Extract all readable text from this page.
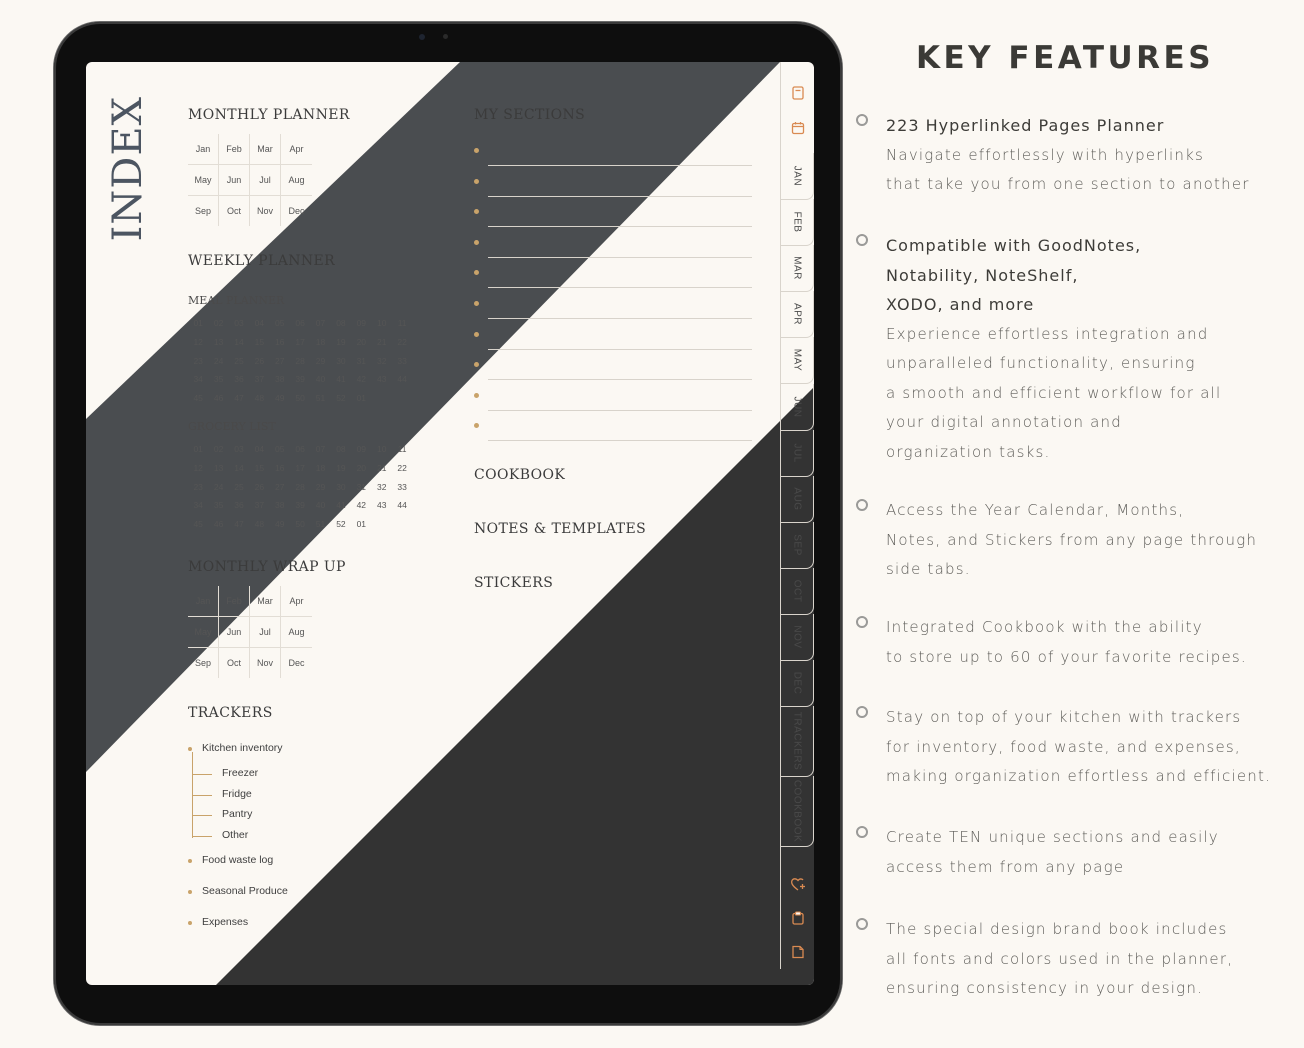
INDEX	MONTHLY PLANNER
Jan	Feb	Mar	Apr
May	Jun	Jul	Aug
Sep	Oct	Nov	Dec
WEEKLY PLANNER
MEAL PLANNER
01	02	03	04	05	06	07	08	09	10	11
12	13	14	15	16	17	18	19	20	21	22
23	24	25	26	27	28	29	30	31	32	33
34	35	36	37	38	39	40	41	42	43	44
45	46	47	48	49	50	51	52	01
GROCERY LIST
01	02	03	04	05	06	07	08	09	10	11
12	13	14	15	16	17	18	19	20	21	22
23	24	25	26	27	28	29	30	31	32	33
34	35	36	37	38	39	40	41	42	43	44
45	46	47	48	49	50	51	52	01
MONTHLY WRAP UP
Jan	Feb	Mar	Apr
May	Jun	Jul	Aug
Sep	Oct	Nov	Dec
TRACKERS
Kitchen inventory
Freezer
Fridge
Pantry
Other
Food waste log
Seasonal Produce
Expenses
MY SECTIONS
COOKBOOK
NOTES & TEMPLATES
STICKERS
JAN
FEB
MAR
APR
MAY
JUN
JUL
AUG
SEP
OCT
NOV
DEC
TRACKERS
COOKBOOK
KEY FEATURES
223 Hyperlinked Pages Planner
Navigate effortlessly with hyperlinks
that take you from one section to another
Compatible with GoodNotes,
Notability, NoteShelf,
XODO, and more
Experience effortless integration and
unparalleled functionality, ensuring
a smooth and efficient workflow for all
your digital annotation and
organization tasks.
Access the Year Calendar, Months,
Notes, and Stickers from any page through
side tabs.
Integrated Cookbook with the ability
to store up to 60 of your favorite recipes.
Stay on top of your kitchen with trackers
for inventory, food waste, and expenses,
making organization effortless and efficient.
Create TEN unique sections and easily
access them from any page
The special design brand book includes
all fonts and colors used in the planner,
ensuring consistency in your design.
